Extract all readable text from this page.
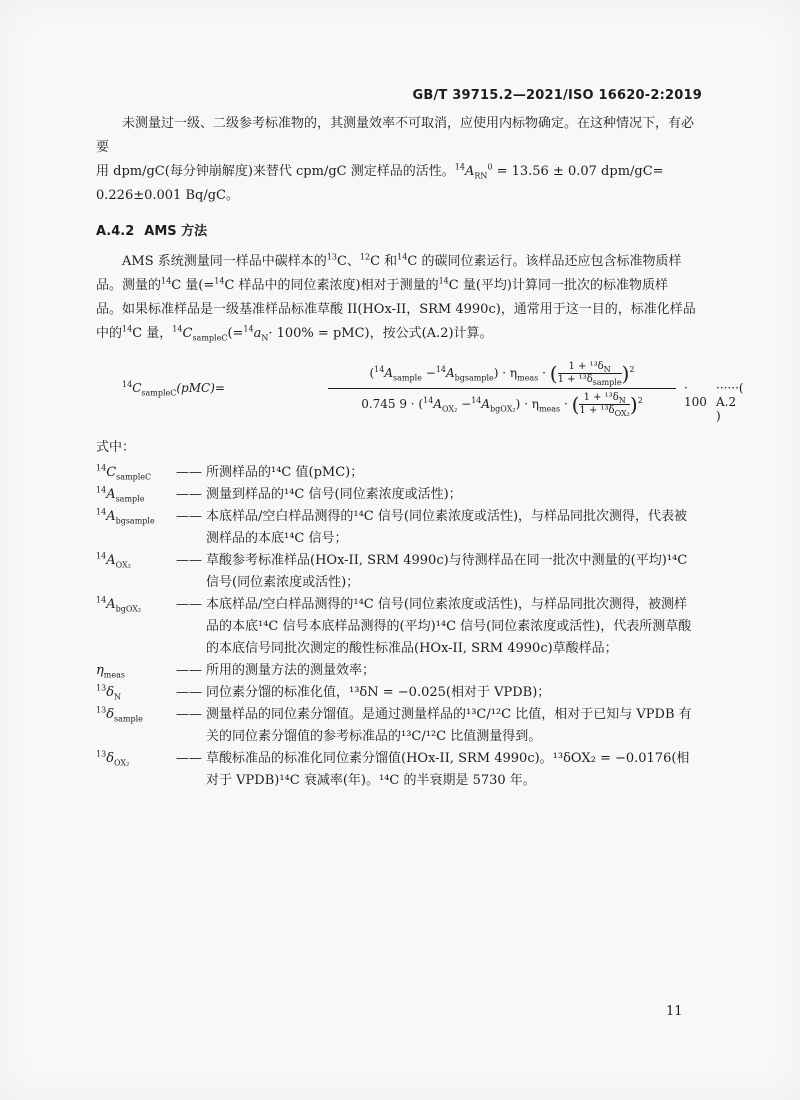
GB/T 39715.2—2021/ISO 16620-2:2019

未测量过一级、二级参考标准物的，其测量效率不可取消，应使用内标物确定。在这种情况下，有必要

用 dpm/gC(每分钟崩解度)来替代 cpm/gC 测定样品的活性。$^{14}A_{RN}^0 = 13.56 \pm 0.07$ dpm/gC=

0.226±0.001 Bq/gC。

A.4.2 AMS 方法

AMS 系统测量同一样品中碳样本的$^{13}$C、$^{12}$C 和$^{14}$C 的碳同位素运行。该样品还应包含标准物质样

品。测量的$^{14}$C 量(=$^{14}$C 样品中的同位素浓度)相对于测量的$^{14}$C 量(平均)计算同一批次的标准物质样

品。如果标准样品是一级基准样品标准草酸 II(HOx-II，SRM 4990c)，通常用于这一目的，标准化样品

中的$^{14}$C 量，$^{14}C_{sampleC}(=^{14}a_N\cdot 100\% = pMC)$，按公式(A.2)计算。

$^{14}C_{sampleC}(pMC)=$
$(^{14}A_{sample} -^{14}A_{bgsample}) \cdot \eta_{meas}$ · ( $1 + ^{13}\delta_N$
$1 + ^{13}\delta_{sample})^2$
0.745 $9 \cdot (^{14}A_{OX_2} -^{14}A_{bgOX_2}) \cdot \eta_{meas}$ · ( $1 + ^{13}\delta_N$
$1 + ^{13}\delta_{OX_2})^2$
· 100
······( A.2 )
式中：
$^{14}C_{sampleC}$	—— 所测样品的¹⁴C 值(pMC)；
$^{14}A_{sample}$	—— 测量到样品的¹⁴C 信号(同位素浓度或活性)；
$^{14}A_{bgsample}$	—— 本底样品/空白样品测得的¹⁴C 信号(同位素浓度或活性)，与样品同批次测得，代表被测样品的本底¹⁴C 信号；
$^{14}A_{OX_2}$	—— 草酸参考标准样品(HOx-II, SRM 4990c)与待测样品在同一批次中测量的(平均)¹⁴C 信号(同位素浓度或活性)；
$^{14}A_{bgOX_2}$	—— 本底样品/空白样品测得的¹⁴C 信号(同位素浓度或活性)，与样品同批次测得，被测样品的本底¹⁴C 信号本底样品测得的(平均)¹⁴C 信号(同位素浓度或活性)，代表所测草酸的本底信号同批次测定的酸性标准品(HOx-II, SRM 4990c)草酸样品；
$\eta_{meas}$	—— 所用的测量方法的测量效率；
$^{13}\delta_N$	—— 同位素分馏的标准化值，¹³δN = −0.025(相对于 VPDB)；
$^{13}\delta_{sample}$	—— 测量样品的同位素分馏值。是通过测量样品的¹³C/¹²C 比值，相对于已知与 VPDB 有关的同位素分馏值的参考标准品的¹³C/¹²C 比值测量得到。
$^{13}\delta_{OX_2}$	—— 草酸标准品的标准化同位素分馏值(HOx-II, SRM 4990c)。¹³δOX₂ = −0.0176(相对于 VPDB)¹⁴C 衰减率(年)。¹⁴C 的半衰期是 5730 年。
11
